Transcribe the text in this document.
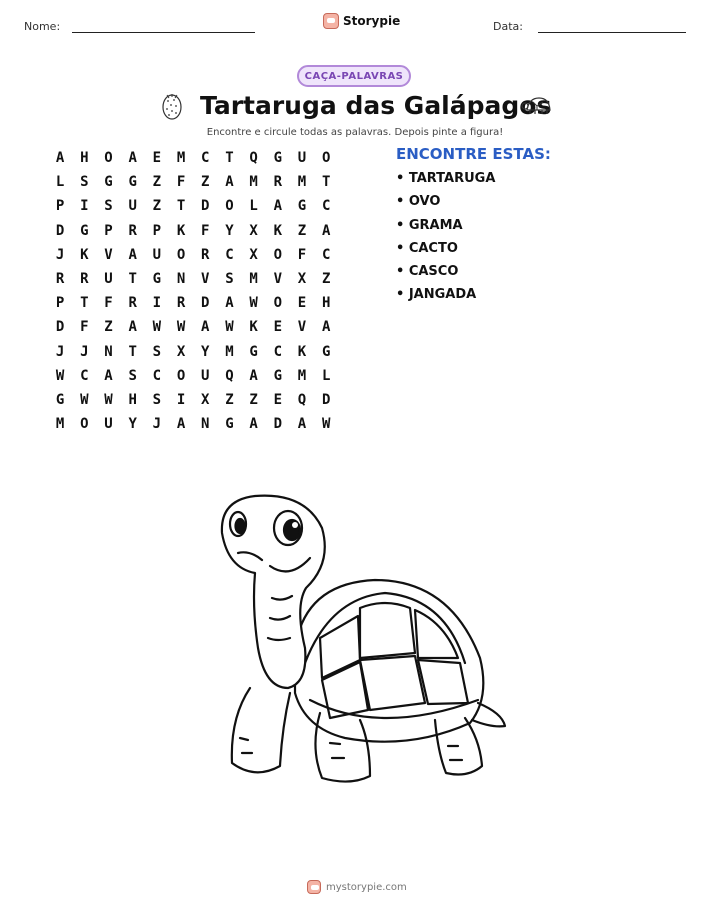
Nome:	Storypie	Data:
CAÇA-PALAVRAS
Tartaruga das Galápagos
Encontre e circule todas as palavras. Depois pinte a figura!
A	H	O	A	E	M	C	T	Q	G	U	O
L	S	G	G	Z	F	Z	A	M	R	M	T
P	I	S	U	Z	T	D	O	L	A	G	C
D	G	P	R	P	K	F	Y	X	K	Z	A
J	K	V	A	U	O	R	C	X	O	F	C
R	R	U	T	G	N	V	S	M	V	X	Z
P	T	F	R	I	R	D	A	W	O	E	H
D	F	Z	A	W	W	A	W	K	E	V	A
J	J	N	T	S	X	Y	M	G	C	K	G
W	C	A	S	C	O	U	Q	A	G	M	L
G	W	W	H	S	I	X	Z	Z	E	Q	D
M	O	U	Y	J	A	N	G	A	D	A	W
ENCONTRE ESTAS:
• TARTARUGA
• OVO
• GRAMA
• CACTO
• CASCO
• JANGADA
mystorypie.com
